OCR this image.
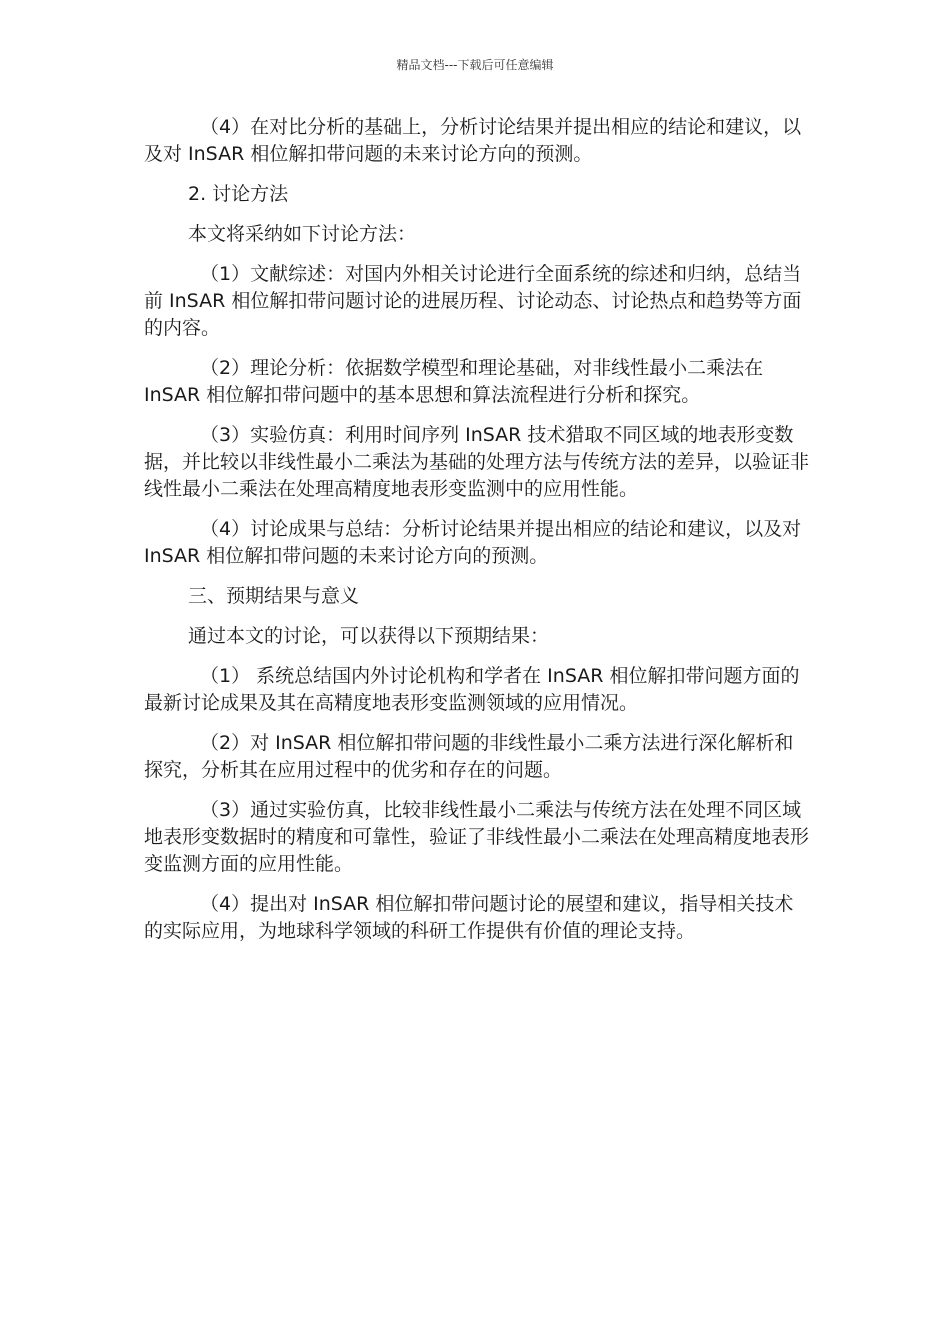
精品文档---下载后可任意编辑

（4）在对比分析的基础上，分析讨论结果并提出相应的结论和建议，以及对 InSAR 相位解扣带问题的未来讨论方向的预测。

2. 讨论方法

本文将采纳如下讨论方法：

（1）文献综述：对国内外相关讨论进行全面系统的综述和归纳，总结当前 InSAR 相位解扣带问题讨论的进展历程、讨论动态、讨论热点和趋势等方面的内容。

（2）理论分析：依据数学模型和理论基础，对非线性最小二乘法在 InSAR 相位解扣带问题中的基本思想和算法流程进行分析和探究。

（3）实验仿真：利用时间序列 InSAR 技术猎取不同区域的地表形变数据，并比较以非线性最小二乘法为基础的处理方法与传统方法的差异，以验证非线性最小二乘法在处理高精度地表形变监测中的应用性能。

（4）讨论成果与总结：分析讨论结果并提出相应的结论和建议，以及对 InSAR 相位解扣带问题的未来讨论方向的预测。

三、预期结果与意义

通过本文的讨论，可以获得以下预期结果：

（1） 系统总结国内外讨论机构和学者在 InSAR 相位解扣带问题方面的最新讨论成果及其在高精度地表形变监测领域的应用情况。

（2）对 InSAR 相位解扣带问题的非线性最小二乘方法进行深化解析和探究，分析其在应用过程中的优劣和存在的问题。

（3）通过实验仿真，比较非线性最小二乘法与传统方法在处理不同区域地表形变数据时的精度和可靠性，验证了非线性最小二乘法在处理高精度地表形变监测方面的应用性能。

（4）提出对 InSAR 相位解扣带问题讨论的展望和建议，指导相关技术的实际应用，为地球科学领域的科研工作提供有价值的理论支持。
